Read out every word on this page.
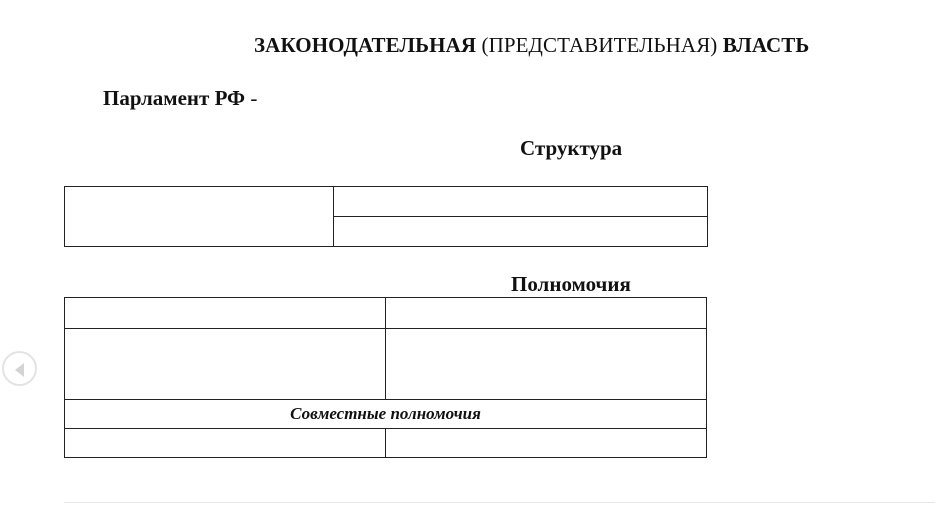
ЗАКОНОДАТЕЛЬНАЯ (ПРЕДСТАВИТЕЛЬНАЯ) ВЛАСТЬ
Парламент РФ -
Структура

Полномочия

Совместные полномочия	
